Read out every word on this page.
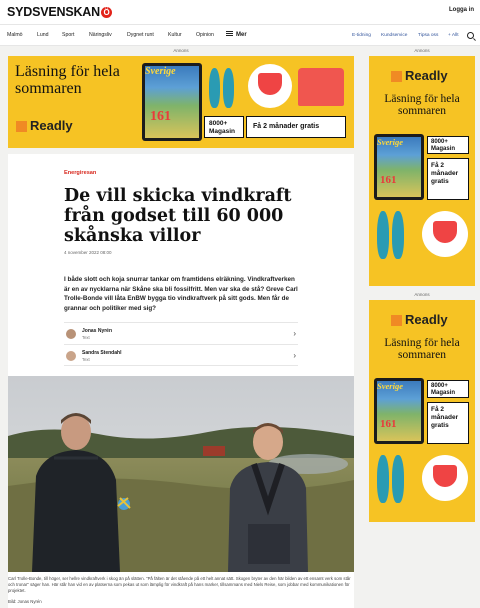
SYDSVENSKAN Ö	Logga in
Malmö	Lund	Sport	Näringsliv	Dygnet runt	Kultur	Opinion	Mer	E-tidning Kundservice Tipsa oss + Allt
Annons
Läsning för hela sommaren
Readly
Sverige
161	8000+ Magasin
Få 2 månader gratis
Annons
Readly
Läsning för hela sommaren
Sverige
161
8000+ Magasin
Få 2 månader gratis
Annons
Readly
Läsning för hela sommaren
Sverige
161
8000+ Magasin
Få 2 månader gratis
Energiresan
De vill skicka vindkraft från godset till 60 000 skånska villor
4 november 2022 08:00

I både slott och koja snurrar tankar om framtidens elräkning. Vindkraftverken är en av nycklarna när Skåne ska bli fossilfritt. Men var ska de stå? Greve Carl Trolle-Bonde vill låta EnBW bygga tio vindkraftverk på sitt gods. Men får de grannar och politiker med sig?

Jonas Nyrén
Text	›
Sandra Stendahl
Text	›
Carl Trolle-Bonde, till höger, ser hellre vindkraftverk i skog än på slätten. "På fälten är det stående på ett helt annat sätt. Skogen bryter av den här bilden av ett ensamt verk som står och tronar" säger han. Här står han vid en av platserna som pekas ut som lämplig för vindkraft på hans marker, tillsammans med Niels Reise, som jobbar med kommunikationen för projektet.
Bild: Jonas Nyrén
